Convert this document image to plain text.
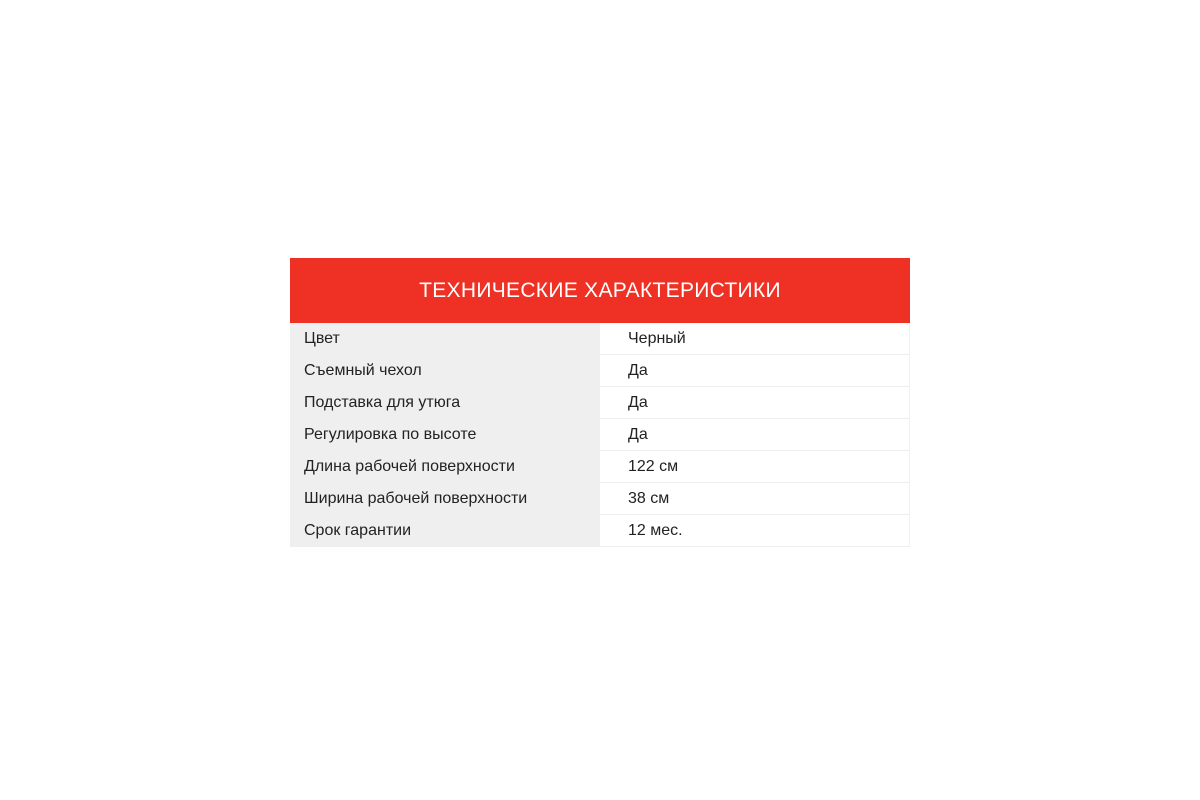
ТЕХНИЧЕСКИЕ ХАРАКТЕРИСТИКИ
Цвет	Черный
Съемный чехол	Да
Подставка для утюга	Да
Регулировка по высоте	Да
Длина рабочей поверхности	122 см
Ширина рабочей поверхности	38 см
Срок гарантии	12 мес.
